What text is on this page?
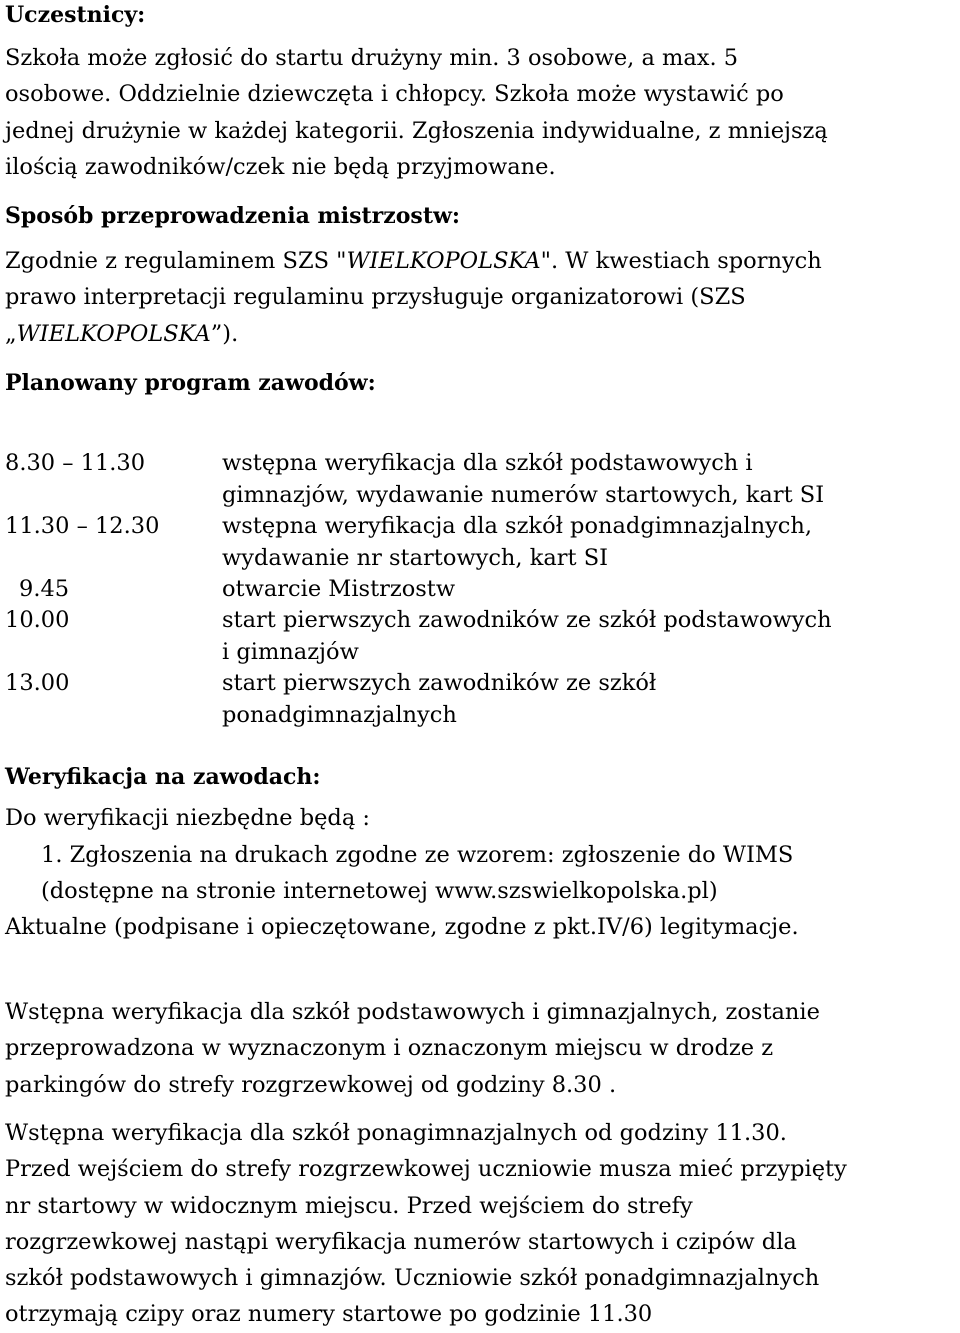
Uczestnicy:
Szkoła może zgłosić do startu drużyny min. 3 osobowe, a max. 5
osobowe. Oddzielnie dziewczęta i chłopcy. Szkoła może wystawić po
jednej drużynie w każdej kategorii. Zgłoszenia indywidualne, z mniejszą
ilością zawodników/czek nie będą przyjmowane.
Sposób przeprowadzenia mistrzostw:
Zgodnie z regulaminem SZS "WIELKOPOLSKA". W kwestiach spornych
prawo interpretacji regulaminu przysługuje organizatorowi (SZS
„WIELKOPOLSKA”).
Planowany program zawodów:
8.30 – 11.30	wstępna weryfikacja dla szkół podstawowych i
gimnazjów, wydawanie numerów startowych, kart SI
11.30 – 12.30	wstępna weryfikacja dla szkół ponadgimnazjalnych,
wydawanie nr startowych, kart SI
9.45	otwarcie Mistrzostw
10.00	start pierwszych zawodników ze szkół podstawowych
i gimnazjów
13.00	start pierwszych zawodników ze szkół
ponadgimnazjalnych
Weryfikacja na zawodach:
Do weryfikacji niezbędne będą :
1. Zgłoszenia na drukach zgodne ze wzorem: zgłoszenie do WIMS
(dostępne na stronie internetowej www.szswielkopolska.pl)
Aktualne (podpisane i opieczętowane, zgodne z pkt.IV/6) legitymacje.
Wstępna weryfikacja dla szkół podstawowych i gimnazjalnych, zostanie
przeprowadzona w wyznaczonym i oznaczonym miejscu w drodze z
parkingów do strefy rozgrzewkowej od godziny 8.30 .
Wstępna weryfikacja dla szkół ponagimnazjalnych od godziny 11.30.
Przed wejściem do strefy rozgrzewkowej uczniowie musza mieć przypięty
nr startowy w widocznym miejscu. Przed wejściem do strefy
rozgrzewkowej nastąpi weryfikacja numerów startowych i czipów dla
szkół podstawowych i gimnazjów. Uczniowie szkół ponadgimnazjalnych
otrzymają czipy oraz numery startowe po godzinie 11.30
